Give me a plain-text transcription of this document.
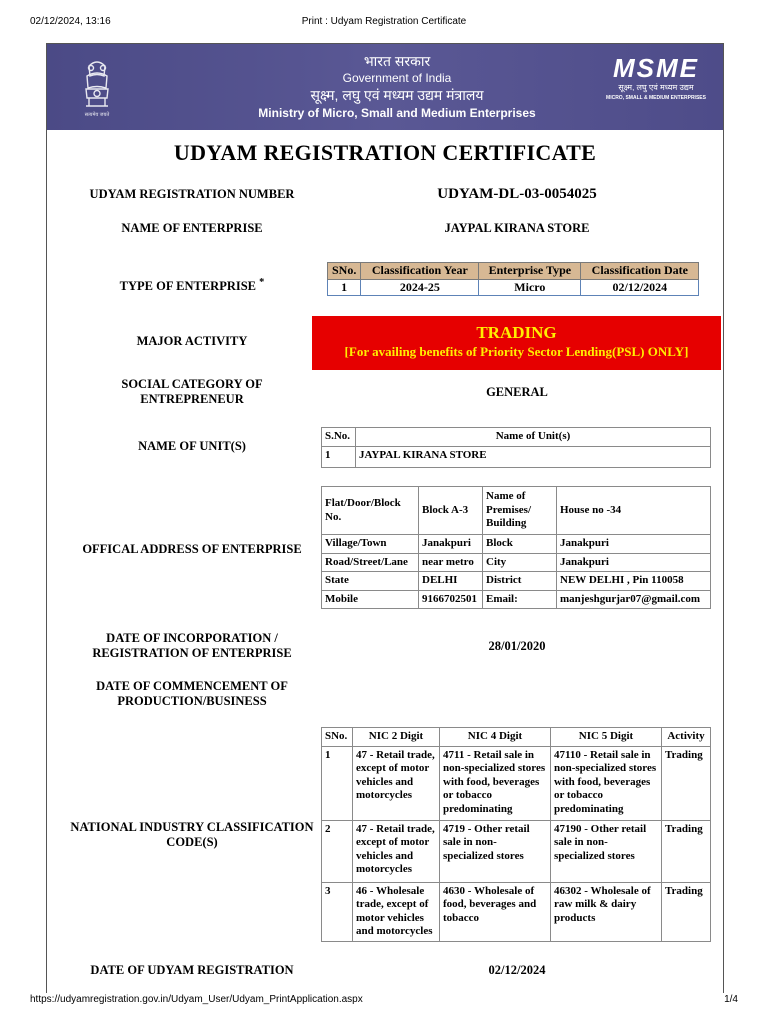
02/12/2024, 13:16	Print : Udyam Registration Certificate
सत्यमेव जयते
भारत सरकार
Government of India
सूक्ष्म, लघु एवं मध्यम उद्यम मंत्रालय
Ministry of Micro, Small and Medium Enterprises
MSME
सूक्ष्म, लघु एवं मध्यम उद्यम
MICRO, SMALL & MEDIUM ENTERPRISES
UDYAM REGISTRATION CERTIFICATE
UDYAM REGISTRATION NUMBER	UDYAM-DL-03-0054025
NAME OF ENTERPRISE	JAYPAL KIRANA STORE
TYPE OF ENTERPRISE *
SNo.	Classification Year	Enterprise Type	Classification Date
1	2024-25	Micro	02/12/2024
MAJOR ACTIVITY	TRADING
[For availing benefits of Priority Sector Lending(PSL) ONLY]
SOCIAL CATEGORY OF ENTREPRENEUR	GENERAL
NAME OF UNIT(S)
S.No.	Name of Unit(s)
1	JAYPAL KIRANA STORE
OFFICAL ADDRESS OF ENTERPRISE
Flat/Door/Block No.	Block A-3	Name of Premises/ Building	House no -34
Village/Town	Janakpuri	Block	Janakpuri
Road/Street/Lane	near metro	City	Janakpuri
State	DELHI	District	NEW DELHI , Pin 110058
Mobile	9166702501	Email:	manjeshgurjar07@gmail.com
DATE OF INCORPORATION / REGISTRATION OF ENTERPRISE	28/01/2020
DATE OF COMMENCEMENT OF PRODUCTION/BUSINESS
NATIONAL INDUSTRY CLASSIFICATION CODE(S)
SNo.	NIC 2 Digit	NIC 4 Digit	NIC 5 Digit	Activity
1	47 - Retail trade, except of motor vehicles and motorcycles	4711 - Retail sale in non-specialized stores with food, beverages or tobacco predominating	47110 - Retail sale in non-specialized stores with food, beverages or tobacco predominating	Trading
2	47 - Retail trade, except of motor vehicles and motorcycles	4719 - Other retail sale in non-specialized stores	47190 - Other retail sale in non-specialized stores	Trading
3	46 - Wholesale trade, except of motor vehicles and motorcycles	4630 - Wholesale of food, beverages and tobacco	46302 - Wholesale of raw milk & dairy products	Trading
DATE OF UDYAM REGISTRATION	02/12/2024
https://udyamregistration.gov.in/Udyam_User/Udyam_PrintApplication.aspx	1/4
